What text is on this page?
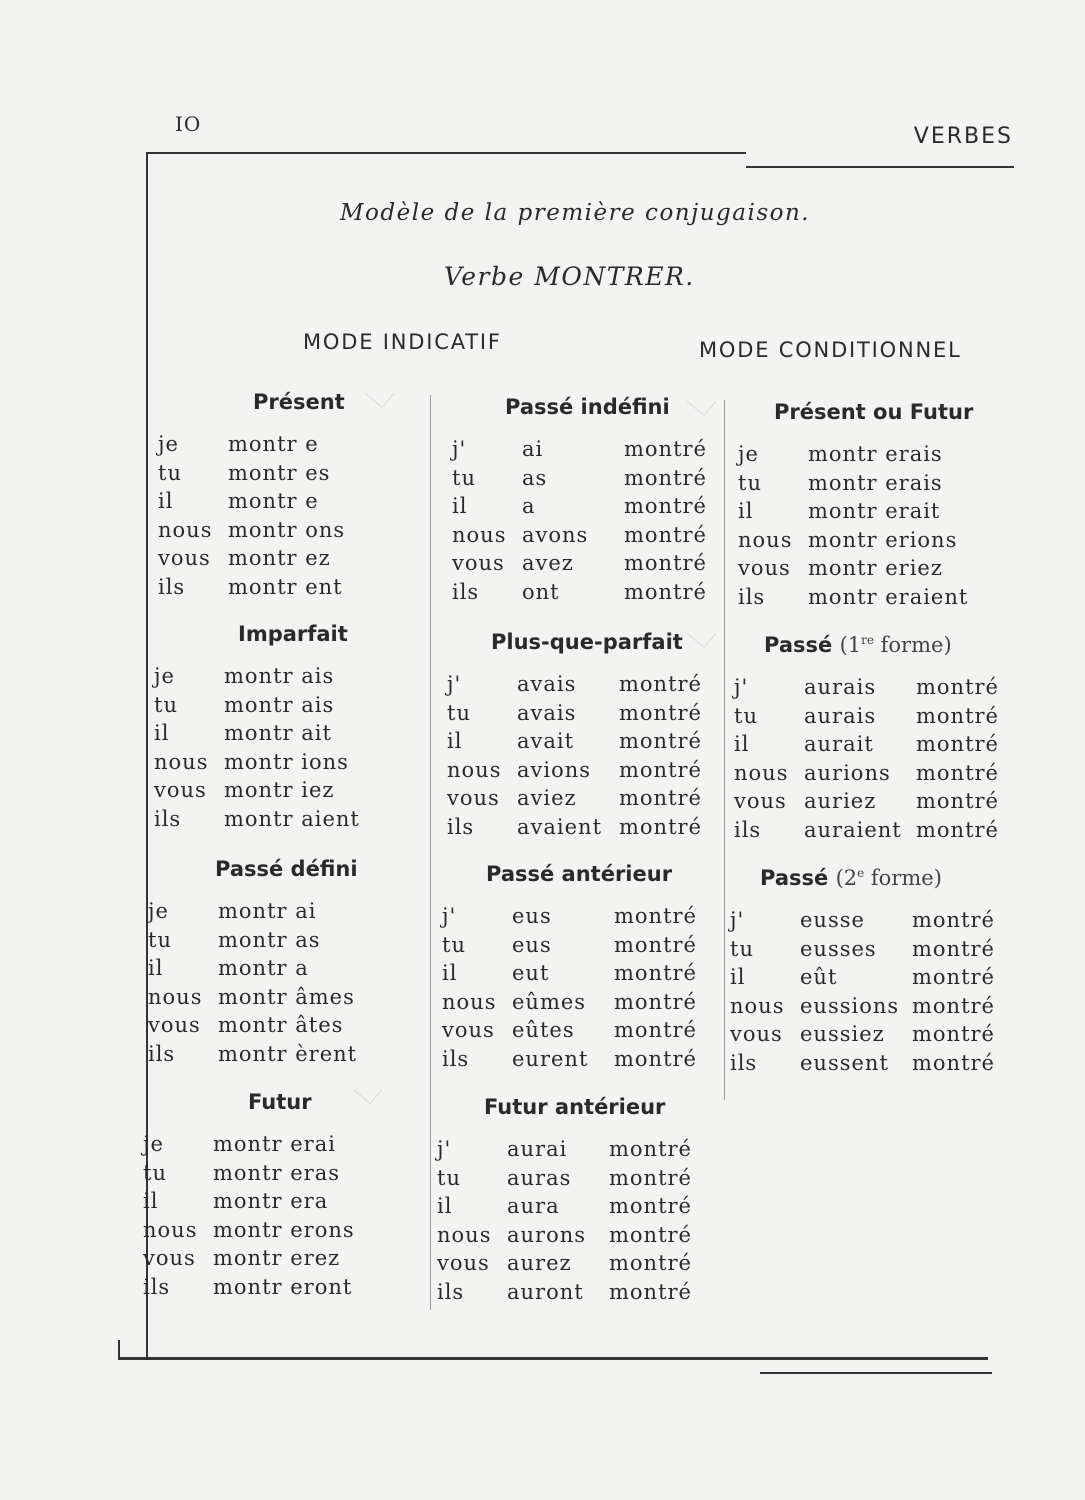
IO	VERBES
Modèle de la première conjugaison.
Verbe MONTRER.
MODE INDICATIF	MODE CONDITIONNEL
Présent
je montr e
tu montr es
il	montr e
nous montr ons
vous montr ez
ils montr ent
Imparfait
je montr ais
tu montr ais
il	montr ait
nous montr ions
vous montr iez
ils montr aient
Passé défini
je montr ai
tu montr as
il	montr a
nous montr âmes
vous montr âtes
ils montr èrent
Futur
je montr erai
tu montr eras
il	montr era
nous montr erons
vous montr erez
ils montr eront
Passé indéfini
j'	ai	montré
tu as	montré
il	a	montré
nous avons montré
vous avez montré
ils ont	montré
Plus-que-parfait
j'	avais montré
tu avais montré
il	avait montré
nous avions montré
vous aviez montré
ils avaient montré
Passé antérieur
j'	eus	montré
tu eus	montré
il	eut	montré
nous eûmes montré
vous eûtes montré
ils eurent montré
Futur antérieur
j'	aurai montré
tu auras montré
il	aura montré
nous aurons montré
vous aurez montré
ils auront montré
Présent ou Futur
je montr erais
tu montr erais
il	montr erait
nous montr erions
vous montr eriez
ils montr eraient
Passé (1re forme)
j'	aurais montré
tu aurais montré
il	aurait montré
nous aurions montré
vous auriez montré
ils auraient montré
Passé (2e forme)
j'	eusse montré
tu eusses montré
il	eût	montré
nous eussions montré
vous eussiez montré
ils eussent montré
